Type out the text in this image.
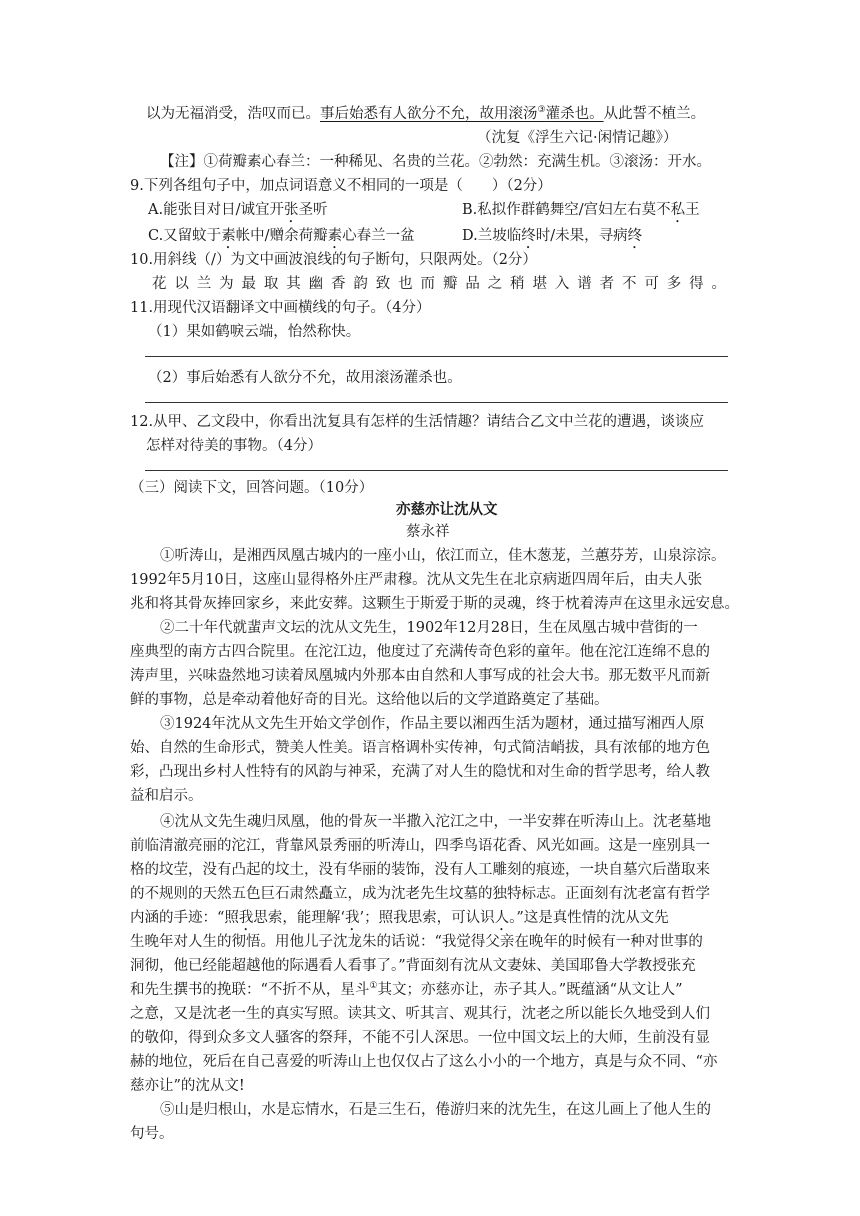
以为无福消受，浩叹而已。事后始悉有人欲分不允，故用滚汤③灌杀也。从此誓不植兰。
（沈复《浮生六记·闲情记趣》）
【注】①荷瓣素心春兰：一种稀见、名贵的兰花。②勃然：充满生机。③滚汤：开水。
9.下列各组句子中，加点词语意义不相同的一项是（　　）（2分）
A.能张目对日/诚宜开张圣听	B.私拟作群鹤舞空/宫妇左右莫不私王
C.又留蚊于素帐中/赠余荷瓣素心春兰一盆	D.兰坡临终时/未果，寻病终
10.用斜线（/）为文中画波浪线的句子断句，只限两处。（2分）
花以兰为最取其幽香韵致也而瓣品之稍堪入谱者不可多得。
11.用现代汉语翻译文中画横线的句子。（4分）
（1）果如鹤唳云端，怡然称快。
（2）事后始悉有人欲分不允，故用滚汤灌杀也。
12.从甲、乙文段中，你看出沈复具有怎样的生活情趣？请结合乙文中兰花的遭遇，谈谈应
怎样对待美的事物。（4分）
（三）阅读下文，回答问题。（10分）
亦慈亦让沈从文
蔡永祥
①听涛山，是湘西凤凰古城内的一座小山，依江而立，佳木葱茏，兰蕙芬芳，山泉淙淙。
1992年5月10日，这座山显得格外庄严肃穆。沈从文先生在北京病逝四周年后，由夫人张
兆和将其骨灰捧回家乡，来此安葬。这颗生于斯爱于斯的灵魂，终于枕着涛声在这里永远安息。
②二十年代就蜚声文坛的沈从文先生，1902年12月28日，生在凤凰古城中营街的一
座典型的南方古四合院里。在沱江边，他度过了充满传奇色彩的童年。他在沱江连绵不息的
涛声里，兴味盎然地习读着凤凰城内外那本由自然和人事写成的社会大书。那无数平凡而新
鲜的事物，总是牵动着他好奇的目光。这给他以后的文学道路奠定了基础。
③1924年沈从文先生开始文学创作，作品主要以湘西生活为题材，通过描写湘西人原
始、自然的生命形式，赞美人性美。语言格调朴实传神，句式简洁峭拔，具有浓郁的地方色
彩，凸现出乡村人性特有的风韵与神采，充满了对人生的隐忧和对生命的哲学思考，给人教
益和启示。
④沈从文先生魂归凤凰，他的骨灰一半撒入沱江之中，一半安葬在听涛山上。沈老墓地
前临清澈亮丽的沱江，背靠风景秀丽的听涛山，四季鸟语花香、风光如画。这是一座别具一
格的坟茔，没有凸起的坟土，没有华丽的装饰，没有人工雕刻的痕迹，一块自墓穴后凿取来
的不规则的天然五色巨石肃然矗立，成为沈老先生坟墓的独特标志。正面刻有沈老富有哲学
内涵的手迹：“照我思索，能理解‘我’；照我思索，可认识人。”这是真性情的沈从文先
生晚年对人生的彻悟。用他儿子沈龙朱的话说：“我觉得父亲在晚年的时候有一种对世事的
洞彻，他已经能超越他的际遇看人看事了。”背面刻有沈从文妻妹、美国耶鲁大学教授张充
和先生撰书的挽联：“不折不从，星斗①其文；亦慈亦让，赤子其人。”既蕴涵“从文让人”
之意，又是沈老一生的真实写照。读其文、听其言、观其行，沈老之所以能长久地受到人们
的敬仰，得到众多文人骚客的祭拜，不能不引人深思。一位中国文坛上的大师，生前没有显
赫的地位，死后在自己喜爱的听涛山上也仅仅占了这么小小的一个地方，真是与众不同、“亦
慈亦让”的沈从文!
⑤山是归根山，水是忘情水，石是三生石，倦游归来的沈先生，在这儿画上了他人生的
句号。
